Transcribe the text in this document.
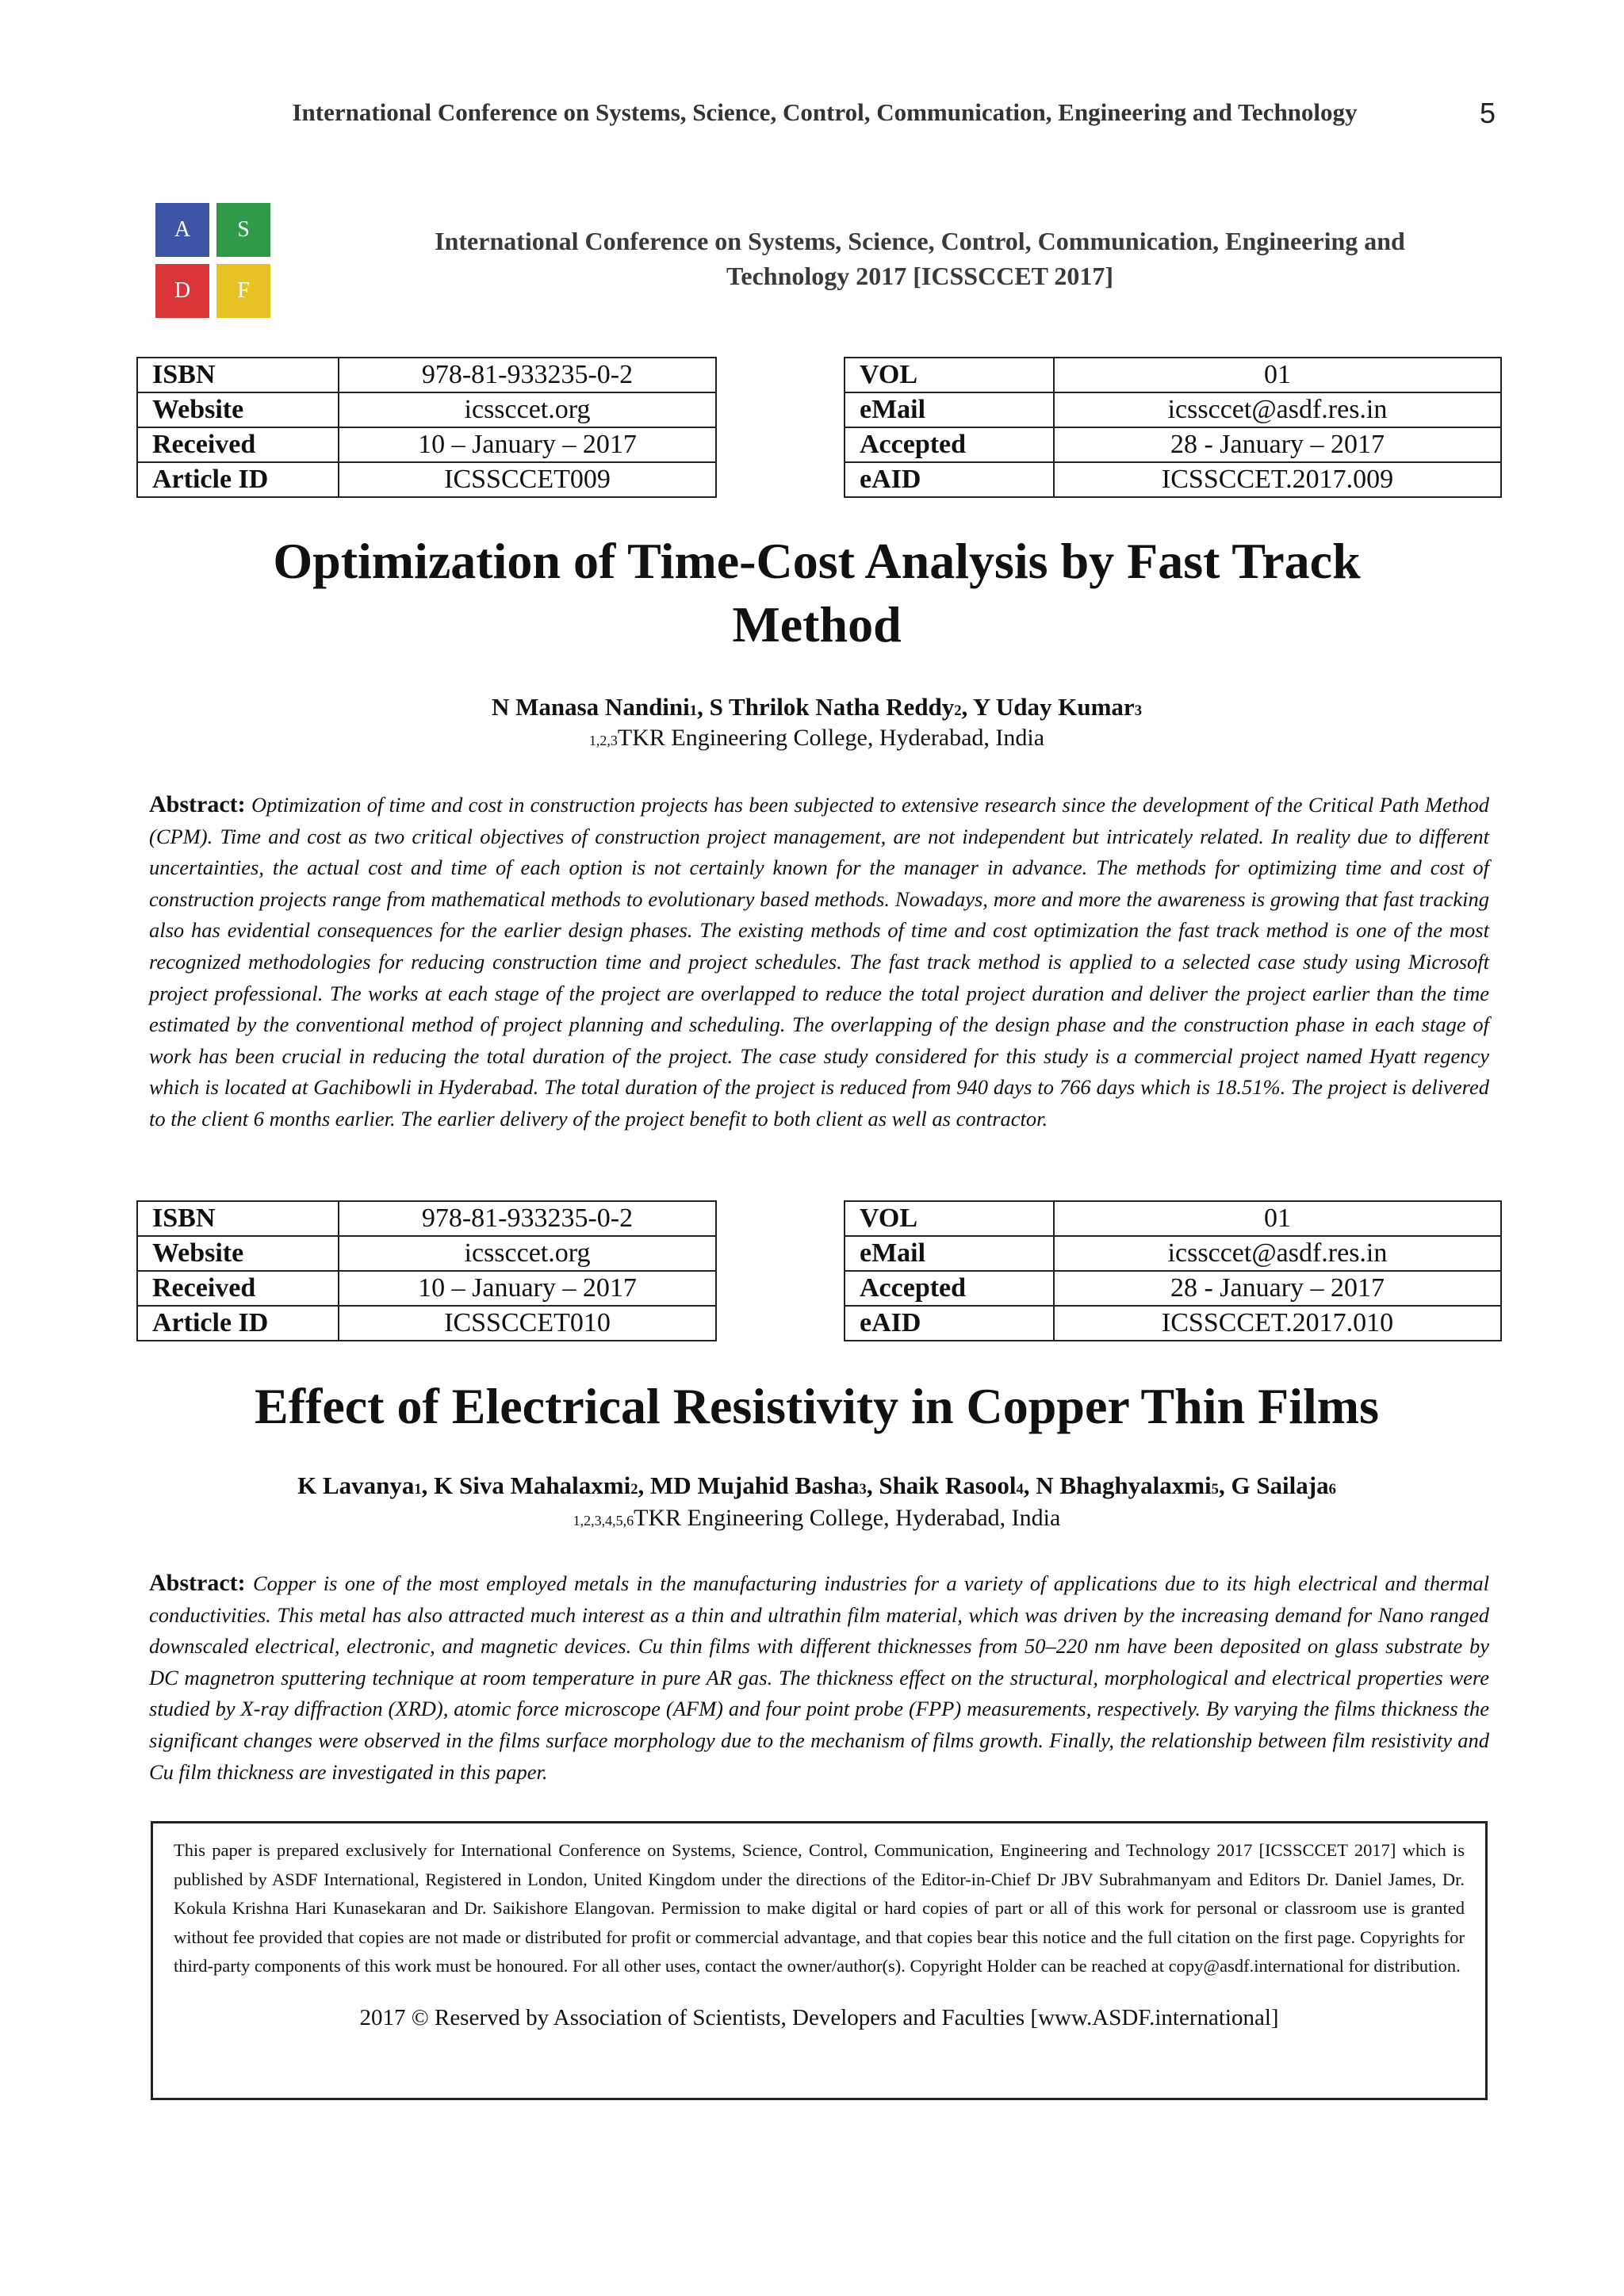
International Conference on Systems, Science, Control, Communication, Engineering and Technology	5
A	S
D	F
International Conference on Systems, Science, Control, Communication, Engineering and
Technology 2017 [ICSSCCET 2017]
ISBN	978-81-933235-0-2
Website	icssccet.org
Received	10 – January – 2017
Article ID	ICSSCCET009
VOL	01
eMail	icssccet@asdf.res.in
Accepted	28 - January – 2017
eAID	ICSSCCET.2017.009
Optimization of Time-Cost Analysis by Fast Track
Method
N Manasa Nandini$^1$, S Thrilok Natha Reddy$^2$, Y Uday Kumar$^3$
$^{1,2,3}$TKR Engineering College, Hyderabad, India
Abstract: Optimization of time and cost in construction projects has been subjected to extensive research since the development of the Critical Path Method (CPM). Time and cost as two critical objectives of construction project management, are not independent but intricately related. In reality due to different uncertainties, the actual cost and time of each option is not certainly known for the manager in advance. The methods for optimizing time and cost of construction projects range from mathematical methods to evolutionary based methods. Nowadays, more and more the awareness is growing that fast tracking also has evidential consequences for the earlier design phases. The existing methods of time and cost optimization the fast track method is one of the most recognized methodologies for reducing construction time and project schedules. The fast track method is applied to a selected case study using Microsoft project professional. The works at each stage of the project are overlapped to reduce the total project duration and deliver the project earlier than the time estimated by the conventional method of project planning and scheduling. The overlapping of the design phase and the construction phase in each stage of work has been crucial in reducing the total duration of the project. The case study considered for this study is a commercial project named Hyatt regency which is located at Gachibowli in Hyderabad. The total duration of the project is reduced from 940 days to 766 days which is 18.51%. The project is delivered to the client 6 months earlier. The earlier delivery of the project benefit to both client as well as contractor.
ISBN	978-81-933235-0-2
Website	icssccet.org
Received	10 – January – 2017
Article ID	ICSSCCET010
VOL	01
eMail	icssccet@asdf.res.in
Accepted	28 - January – 2017
eAID	ICSSCCET.2017.010
Effect of Electrical Resistivity in Copper Thin Films
K Lavanya$^1$, K Siva Mahalaxmi$^2$, MD Mujahid Basha$^3$, Shaik Rasool$^4$, N Bhaghyalaxmi$^5$, G Sailaja$^6$
$^{1,2,3,4,5,6}$TKR Engineering College, Hyderabad, India
Abstract: Copper is one of the most employed metals in the manufacturing industries for a variety of applications due to its high electrical and thermal conductivities. This metal has also attracted much interest as a thin and ultrathin film material, which was driven by the increasing demand for Nano ranged downscaled electrical, electronic, and magnetic devices. Cu thin films with different thicknesses from 50–220 nm have been deposited on glass substrate by DC magnetron sputtering technique at room temperature in pure AR gas. The thickness effect on the structural, morphological and electrical properties were studied by X-ray diffraction (XRD), atomic force microscope (AFM) and four point probe (FPP) measurements, respectively. By varying the films thickness the significant changes were observed in the films surface morphology due to the mechanism of films growth. Finally, the relationship between film resistivity and Cu film thickness are investigated in this paper.

This paper is prepared exclusively for International Conference on Systems, Science, Control, Communication, Engineering and Technology 2017 [ICSSCCET 2017] which is published by ASDF International, Registered in London, United Kingdom under the directions of the Editor-in-Chief Dr JBV Subrahmanyam and Editors Dr. Daniel James, Dr. Kokula Krishna Hari Kunasekaran and Dr. Saikishore Elangovan. Permission to make digital or hard copies of part or all of this work for personal or classroom use is granted without fee provided that copies are not made or distributed for profit or commercial advantage, and that copies bear this notice and the full citation on the first page. Copyrights for third-party components of this work must be honoured. For all other uses, contact the owner/author(s). Copyright Holder can be reached at copy@asdf.international for distribution.

2017 © Reserved by Association of Scientists, Developers and Faculties [www.ASDF.international]
